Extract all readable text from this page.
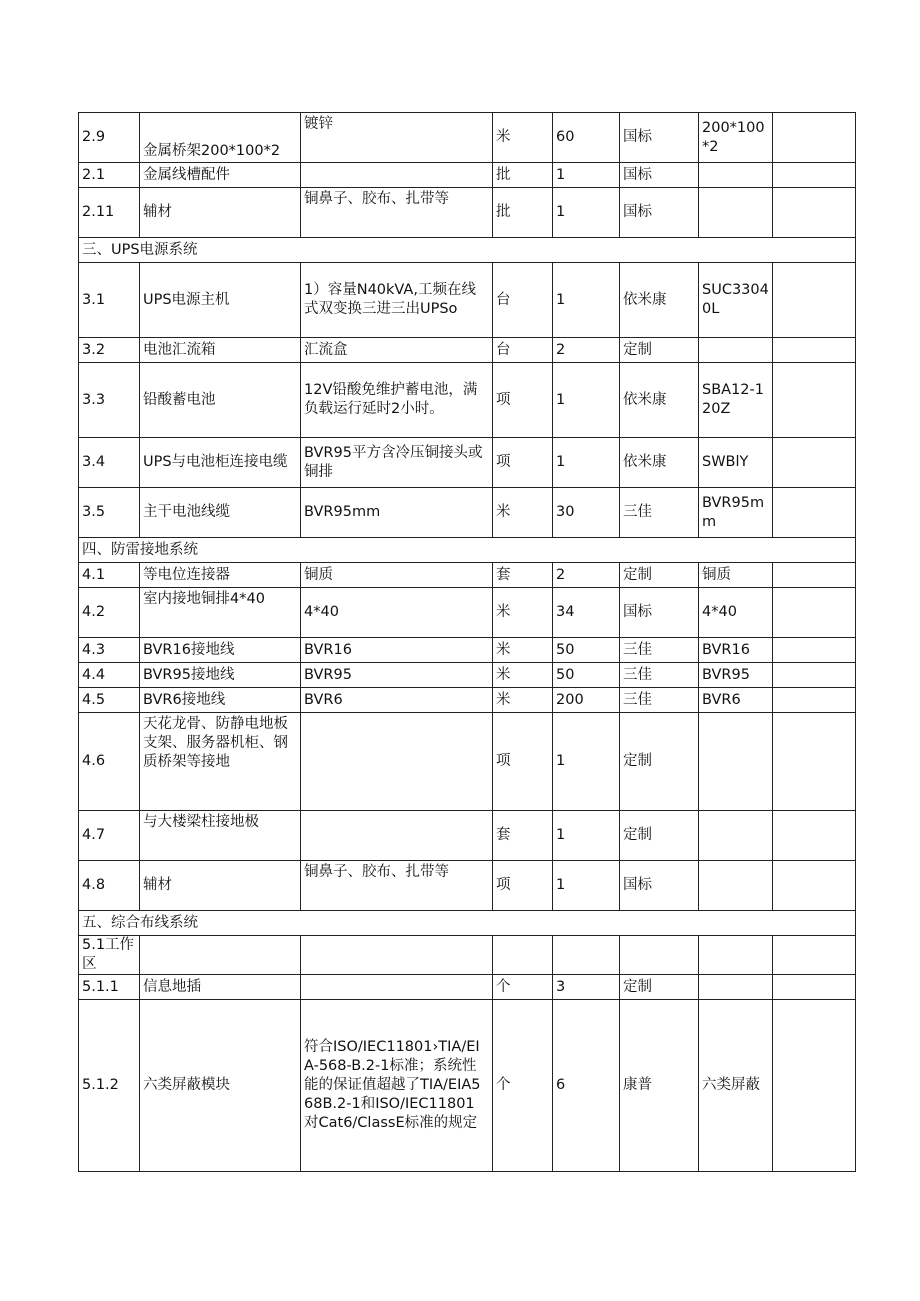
2.9	金属桥架200*100*2	镀锌	米	60	国标	200*100*2	
2.1	金属线槽配件		批	1	国标		
2.11	辅材	铜鼻子、胶布、扎带等	批	1	国标		
三、UPS电源系统							
3.1	UPS电源主机	1）容量N40kVA,工频在线式双变换三进三出UPSo	台	1	依米康	SUC33040L	
3.2	电池汇流箱	汇流盒	台	2	定制		
3.3	铅酸蓄电池	12V铅酸免维护蓄电池，满负载运行延时2小时。	项	1	依米康	SBA12-120Z	
3.4	UPS与电池柜连接电缆	BVR95平方含冷压铜接头或铜排	项	1	依米康	SWBlY	
3.5	主干电池线缆	BVR95mm	米	30	三佳	BVR95mm	
四、防雷接地系统							
4.1	等电位连接器	铜质	套	2	定制	铜质	
4.2	室内接地铜排4*40	4*40	米	34	国标	4*40	
4.3	BVR16接地线	BVR16	米	50	三佳	BVR16	
4.4	BVR95接地线	BVR95	米	50	三佳	BVR95	
4.5	BVR6接地线	BVR6	米	200	三佳	BVR6	
4.6	天花龙骨、防静电地板支架、服务器机柜、钢质桥架等接地		项	1	定制		
4.7	与大楼梁柱接地极		套	1	定制		
4.8	辅材	铜鼻子、胶布、扎带等	项	1	国标		
五、综合布线系统							
5.1工作区							
5.1.1	信息地插		个	3	定制		
5.1.2	六类屏蔽模块	符合ISO/IEC11801›TIA/EIA-568-B.2-1标准；系统性能的保证值超越了TIA/EIA568B.2-1和ISO/IEC11801对Cat6/ClassE标准的规定	个	6	康普	六类屏蔽	
